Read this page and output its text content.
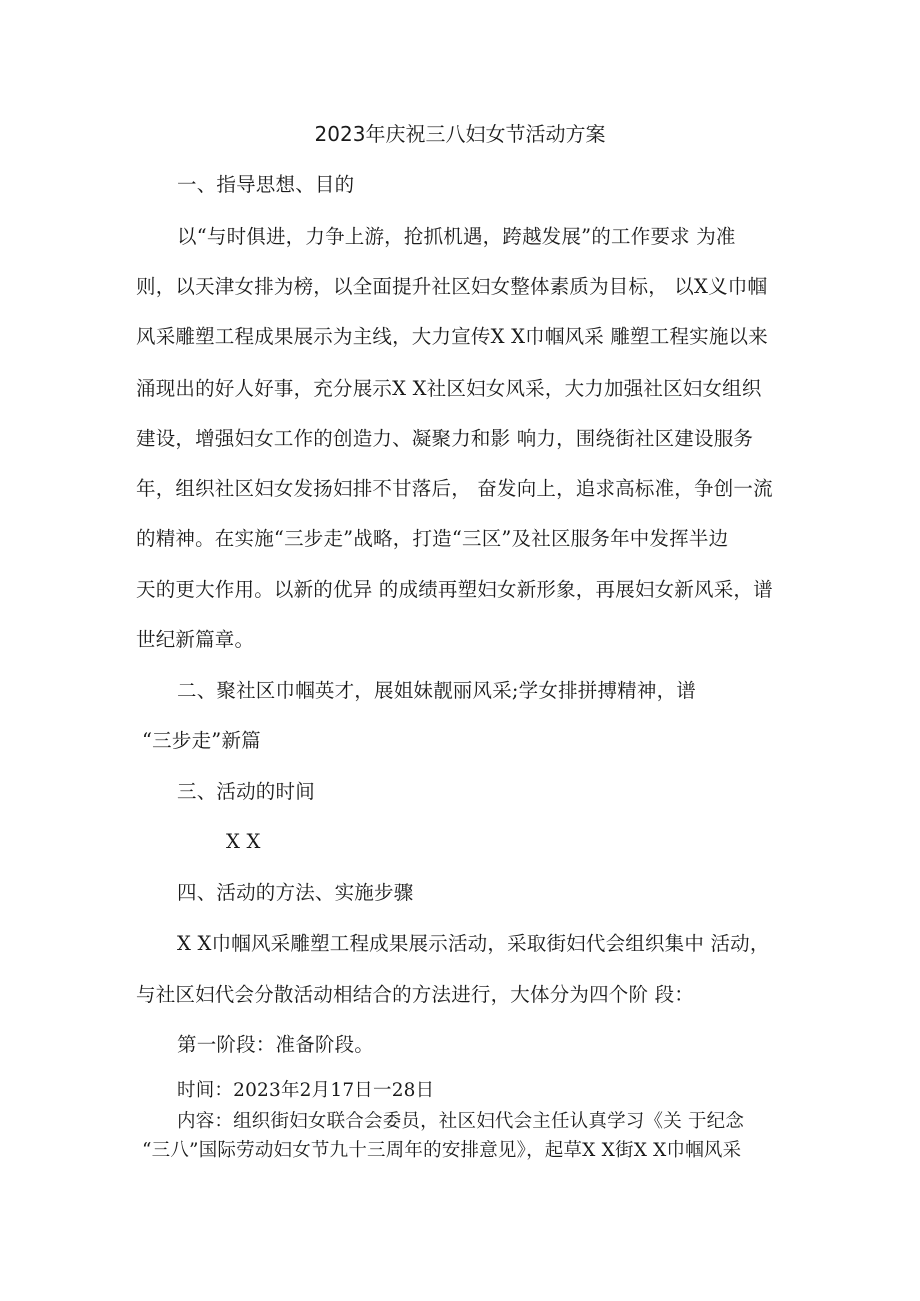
2023年庆祝三八妇女节活动方案
一、指导思想、目的
以“与时俱进，力争上游，抢抓机遇，跨越发展”的工作要求 为准
则，以天津女排为榜，以全面提升社区妇女整体素质为目标， 以X义巾帼
风采雕塑工程成果展示为主线，大力宣传X X巾帼风采 雕塑工程实施以来
涌现出的好人好事，充分展示X X社区妇女风采，大力加强社区妇女组织
建设，增强妇女工作的创造力、凝聚力和影 响力，围绕街社区建设服务
年，组织社区妇女发扬妇排不甘落后， 奋发向上，追求高标准，争创一流
的精神。在实施“三步走”战略，打造“三区”及社区服务年中发挥半边
天的更大作用。以新的优异 的成绩再塑妇女新形象，再展妇女新风采，谱
世纪新篇章。
二、聚社区巾帼英才，展姐妹靓丽风采;学女排拼搏精神，谱
“三步走”新篇
三、活动的时间
X X
四、活动的方法、实施步骤
X X巾帼风采雕塑工程成果展示活动，采取街妇代会组织集中 活动，
与社区妇代会分散活动相结合的方法进行，大体分为四个阶 段：
第一阶段：准备阶段。
时间：2023年2月17日一28日
内容：组织街妇女联合会委员，社区妇代会主任认真学习《关 于纪念
“三八”国际劳动妇女节九十三周年的安排意见》，起草X X街X X巾帼风采
